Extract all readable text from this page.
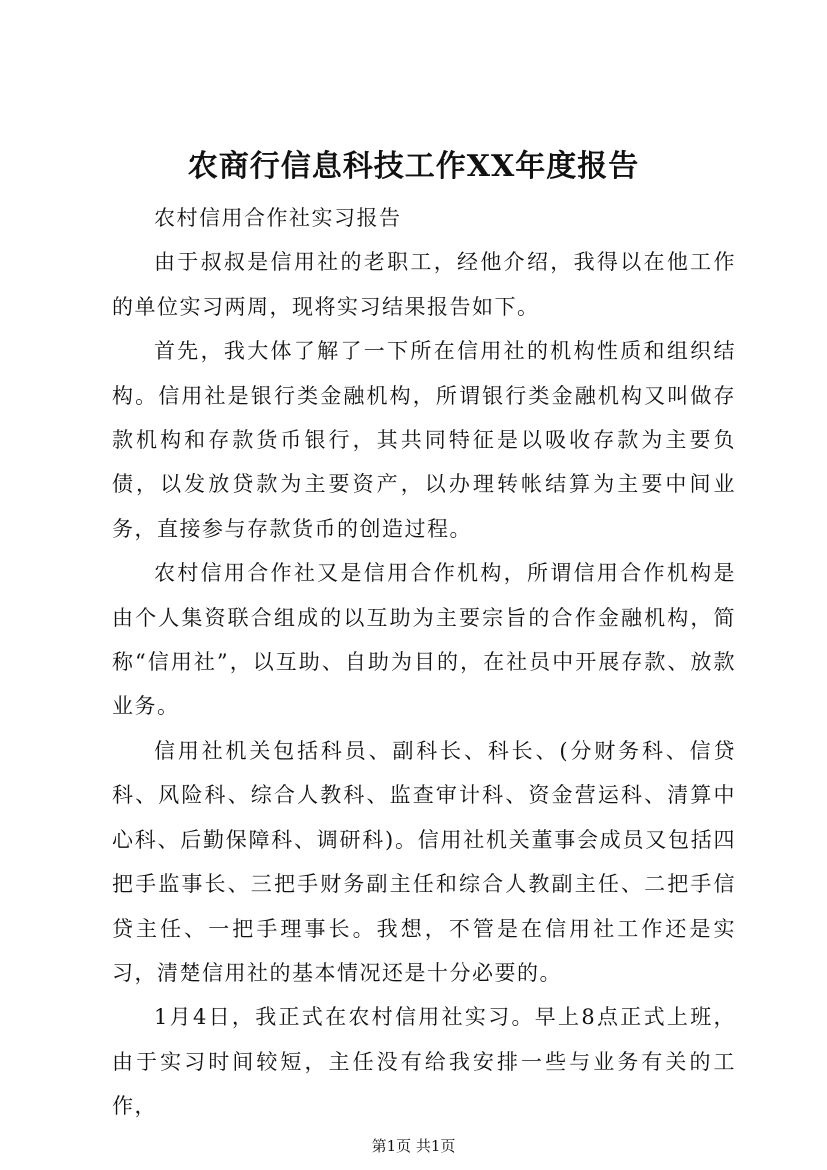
农商行信息科技工作XX年度报告

农村信用合作社实习报告

由于叔叔是信用社的老职工，经他介绍，我得以在他工作的单位实习两周，现将实习结果报告如下。

首先，我大体了解了一下所在信用社的机构性质和组织结构。信用社是银行类金融机构，所谓银行类金融机构又叫做存款机构和存款货币银行，其共同特征是以吸收存款为主要负债，以发放贷款为主要资产，以办理转帐结算为主要中间业务，直接参与存款货币的创造过程。

农村信用合作社又是信用合作机构，所谓信用合作机构是由个人集资联合组成的以互助为主要宗旨的合作金融机构，简称“信用社”，以互助、自助为目的，在社员中开展存款、放款业务。

信用社机关包括科员、副科长、科长、(分财务科、信贷科、风险科、综合人教科、监查审计科、资金营运科、清算中心科、后勤保障科、调研科)。信用社机关董事会成员又包括四把手监事长、三把手财务副主任和综合人教副主任、二把手信贷主任、一把手理事长。我想，不管是在信用社工作还是实习，清楚信用社的基本情况还是十分必要的。

1月4日，我正式在农村信用社实习。早上8点正式上班，由于实习时间较短，主任没有给我安排一些与业务有关的工作，

第1页 共1页
